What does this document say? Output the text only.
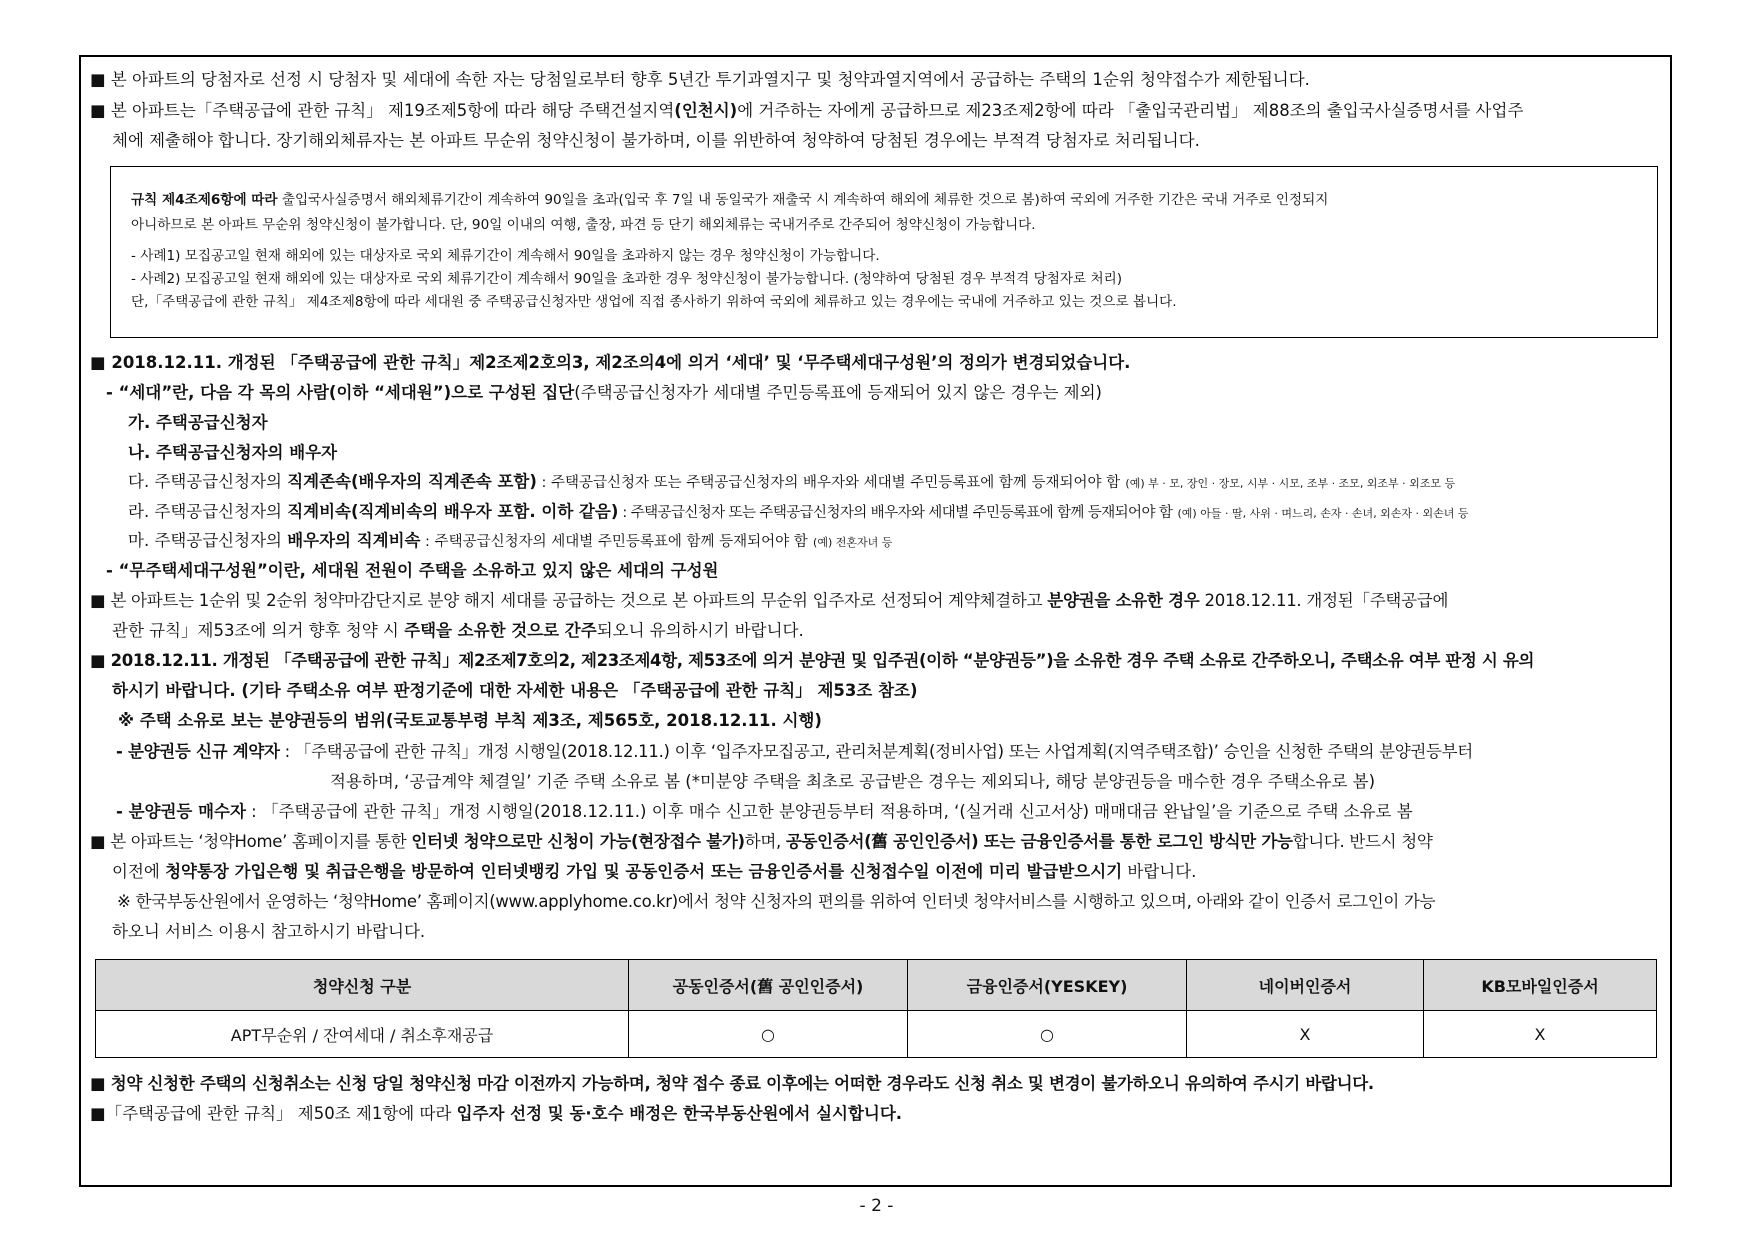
■ 본 아파트의 당첨자로 선정 시 당첨자 및 세대에 속한 자는 당첨일로부터 향후 5년간 투기과열지구 및 청약과열지역에서 공급하는 주택의 1순위 청약접수가 제한됩니다.
■ 본 아파트는「주택공급에 관한 규칙」 제19조제5항에 따라 해당 주택건설지역(인천시)에 거주하는 자에게 공급하므로 제23조제2항에 따라 「출입국관리법」 제88조의 출입국사실증명서를 사업주
체에 제출해야 합니다. 장기해외체류자는 본 아파트 무순위 청약신청이 불가하며, 이를 위반하여 청약하여 당첨된 경우에는 부적격 당첨자로 처리됩니다.
규칙 제4조제6항에 따라 출입국사실증명서 해외체류기간이 계속하여 90일을 초과(입국 후 7일 내 동일국가 재출국 시 계속하여 해외에 체류한 것으로 봄)하여 국외에 거주한 기간은 국내 거주로 인정되지
아니하므로 본 아파트 무순위 청약신청이 불가합니다. 단, 90일 이내의 여행, 출장, 파견 등 단기 해외체류는 국내거주로 간주되어 청약신청이 가능합니다.
- 사례1) 모집공고일 현재 해외에 있는 대상자로 국외 체류기간이 계속해서 90일을 초과하지 않는 경우 청약신청이 가능합니다.
- 사례2) 모집공고일 현재 해외에 있는 대상자로 국외 체류기간이 계속해서 90일을 초과한 경우 청약신청이 불가능합니다. (청약하여 당첨된 경우 부적격 당첨자로 처리)
단,「주택공급에 관한 규칙」 제4조제8항에 따라 세대원 중 주택공급신청자만 생업에 직접 종사하기 위하여 국외에 체류하고 있는 경우에는 국내에 거주하고 있는 것으로 봅니다.
■ 2018.12.11. 개정된 「주택공급에 관한 규칙」제2조제2호의3, 제2조의4에 의거 ‘세대’ 및 ‘무주택세대구성원’의 정의가 변경되었습니다.
- “세대”란, 다음 각 목의 사람(이하 “세대원”)으로 구성된 집단(주택공급신청자가 세대별 주민등록표에 등재되어 있지 않은 경우는 제외)
가. 주택공급신청자
나. 주택공급신청자의 배우자
다. 주택공급신청자의 직계존속(배우자의 직계존속 포함) : 주택공급신청자 또는 주택공급신청자의 배우자와 세대별 주민등록표에 함께 등재되어야 함 (예) 부 · 모, 장인 · 장모, 시부 · 시모, 조부 · 조모, 외조부 · 외조모 등
라. 주택공급신청자의 직계비속(직계비속의 배우자 포함. 이하 같음) : 주택공급신청자 또는 주택공급신청자의 배우자와 세대별 주민등록표에 함께 등재되어야 함 (예) 아들 · 딸, 사위 · 며느리, 손자 · 손녀, 외손자 · 외손녀 등
마. 주택공급신청자의 배우자의 직계비속 : 주택공급신청자의 세대별 주민등록표에 함께 등재되어야 함 (예) 전혼자녀 등
- “무주택세대구성원”이란, 세대원 전원이 주택을 소유하고 있지 않은 세대의 구성원
■ 본 아파트는 1순위 및 2순위 청약마감단지로 분양 해지 세대를 공급하는 것으로 본 아파트의 무순위 입주자로 선정되어 계약체결하고 분양권을 소유한 경우 2018.12.11. 개정된「주택공급에
관한 규칙」제53조에 의거 향후 청약 시 주택을 소유한 것으로 간주되오니 유의하시기 바랍니다.
■ 2018.12.11. 개정된 「주택공급에 관한 규칙」제2조제7호의2, 제23조제4항, 제53조에 의거 분양권 및 입주권(이하 “분양권등”)을 소유한 경우 주택 소유로 간주하오니, 주택소유 여부 판정 시 유의
하시기 바랍니다. (기타 주택소유 여부 판정기준에 대한 자세한 내용은 「주택공급에 관한 규칙」 제53조 참조)
※ 주택 소유로 보는 분양권등의 범위(국토교통부령 부칙 제3조, 제565호, 2018.12.11. 시행)
- 분양권등 신규 계약자 : 「주택공급에 관한 규칙」개정 시행일(2018.12.11.) 이후 ‘입주자모집공고, 관리처분계획(정비사업) 또는 사업계획(지역주택조합)’ 승인을 신청한 주택의 분양권등부터
적용하며, ‘공급계약 체결일’ 기준 주택 소유로 봄 (*미분양 주택을 최초로 공급받은 경우는 제외되나, 해당 분양권등을 매수한 경우 주택소유로 봄)
- 분양권등 매수자 : 「주택공급에 관한 규칙」개정 시행일(2018.12.11.) 이후 매수 신고한 분양권등부터 적용하며, ‘(실거래 신고서상) 매매대금 완납일’을 기준으로 주택 소유로 봄
■ 본 아파트는 ‘청약Home’ 홈페이지를 통한 인터넷 청약으로만 신청이 가능(현장접수 불가)하며, 공동인증서(舊 공인인증서) 또는 금융인증서를 통한 로그인 방식만 가능합니다. 반드시 청약
이전에 청약통장 가입은행 및 취급은행을 방문하여 인터넷뱅킹 가입 및 공동인증서 또는 금융인증서를 신청접수일 이전에 미리 발급받으시기 바랍니다.
※ 한국부동산원에서 운영하는 ‘청약Home’ 홈페이지(www.applyhome.co.kr)에서 청약 신청자의 편의를 위하여 인터넷 청약서비스를 시행하고 있으며, 아래와 같이 인증서 로그인이 가능
하오니 서비스 이용시 참고하시기 바랍니다.
청약신청 구분	공동인증서(舊 공인인증서)	금융인증서(YESKEY)	네이버인증서	KB모바일인증서
APT무순위 / 잔여세대 / 취소후재공급	○	○	X	X
■ 청약 신청한 주택의 신청취소는 신청 당일 청약신청 마감 이전까지 가능하며, 청약 접수 종료 이후에는 어떠한 경우라도 신청 취소 및 변경이 불가하오니 유의하여 주시기 바랍니다.
■「주택공급에 관한 규칙」 제50조 제1항에 따라 입주자 선정 및 동·호수 배정은 한국부동산원에서 실시합니다.
- 2 -
